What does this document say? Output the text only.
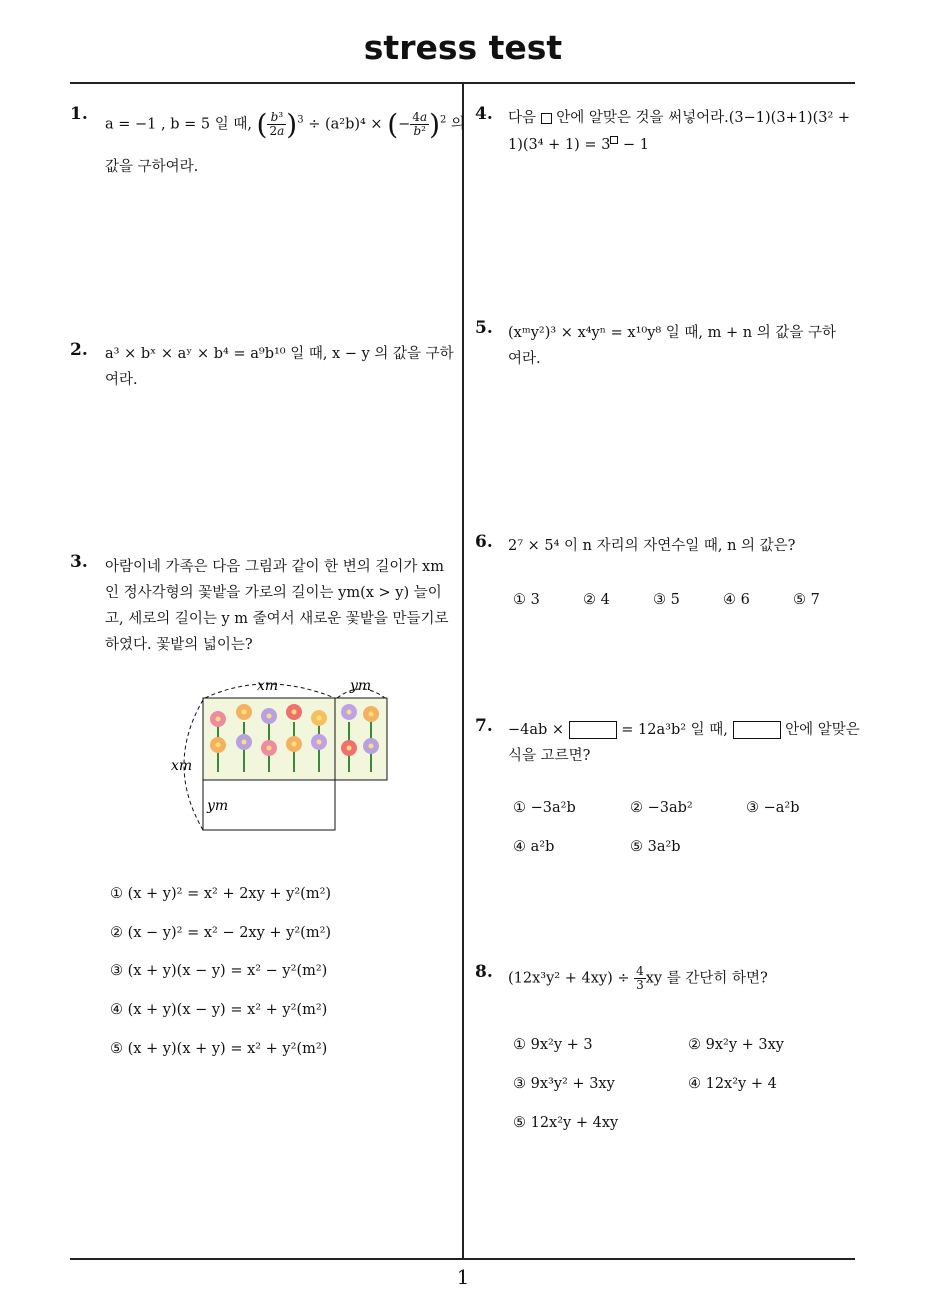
stress test
1
1.
a = −1 , b = 5 일 때, ( $\frac{\text{b³}}{2a} )^3 \div (a^2b)^4$ × (− $\frac{4a}{\text{b²}} )^2$ 의
값을 구하여라.
2. a³ × bˣ × aʸ × b⁴ = a⁹b¹⁰ 일 때, x − y 의 값을 구하
여라.
3. 아람이네 가족은 다음 그림과 같이 한 변의 길이가 xm
인 정사각형의 꽃밭을 가로의 길이는 ym(x > y) 늘이
고, 세로의 길이는 y m 줄여서 새로운 꽃밭을 만들기로
하였다. 꽃밭의 넓이는?
xm	ym
xm
ym
① (x + y)² = x² + 2xy + y²(m²)
② (x − y)² = x² − 2xy + y²(m²)
③ (x + y)(x − y) = x² − y²(m²)
④ (x + y)(x − y) = x² + y²(m²)
⑤ (x + y)(x + y) = x² + y²(m²)
4. 다음 안에 알맞은 것을 써넣어라.(3−1)(3+1)(3² +
1)(3⁴ + 1) = 3 − 1
5. (xᵐy²)³ × x⁴yⁿ = x¹⁰y⁸ 일 때, m + n 의 값을 구하
여라.
6. 2⁷ × 5⁴ 이 n 자리의 자연수일 때, n 의 값은?
① 3	② 4	③ 5	④ 6	⑤ 7
7. −4ab ×	= 12a³b² 일 때,	안에 알맞은
식을 고르면?
① −3a²b	② −3ab²	③ −a²b
④ a²b	⑤ 3a²b
8. $(12x^3y^2 + 4xy) \div \frac{4}{3}$ xy 를 간단히 하면?
① 9x²y + 3	② 9x²y + 3xy
③ 9x³y² + 3xy	④ 12x²y + 4
⑤ 12x²y + 4xy
